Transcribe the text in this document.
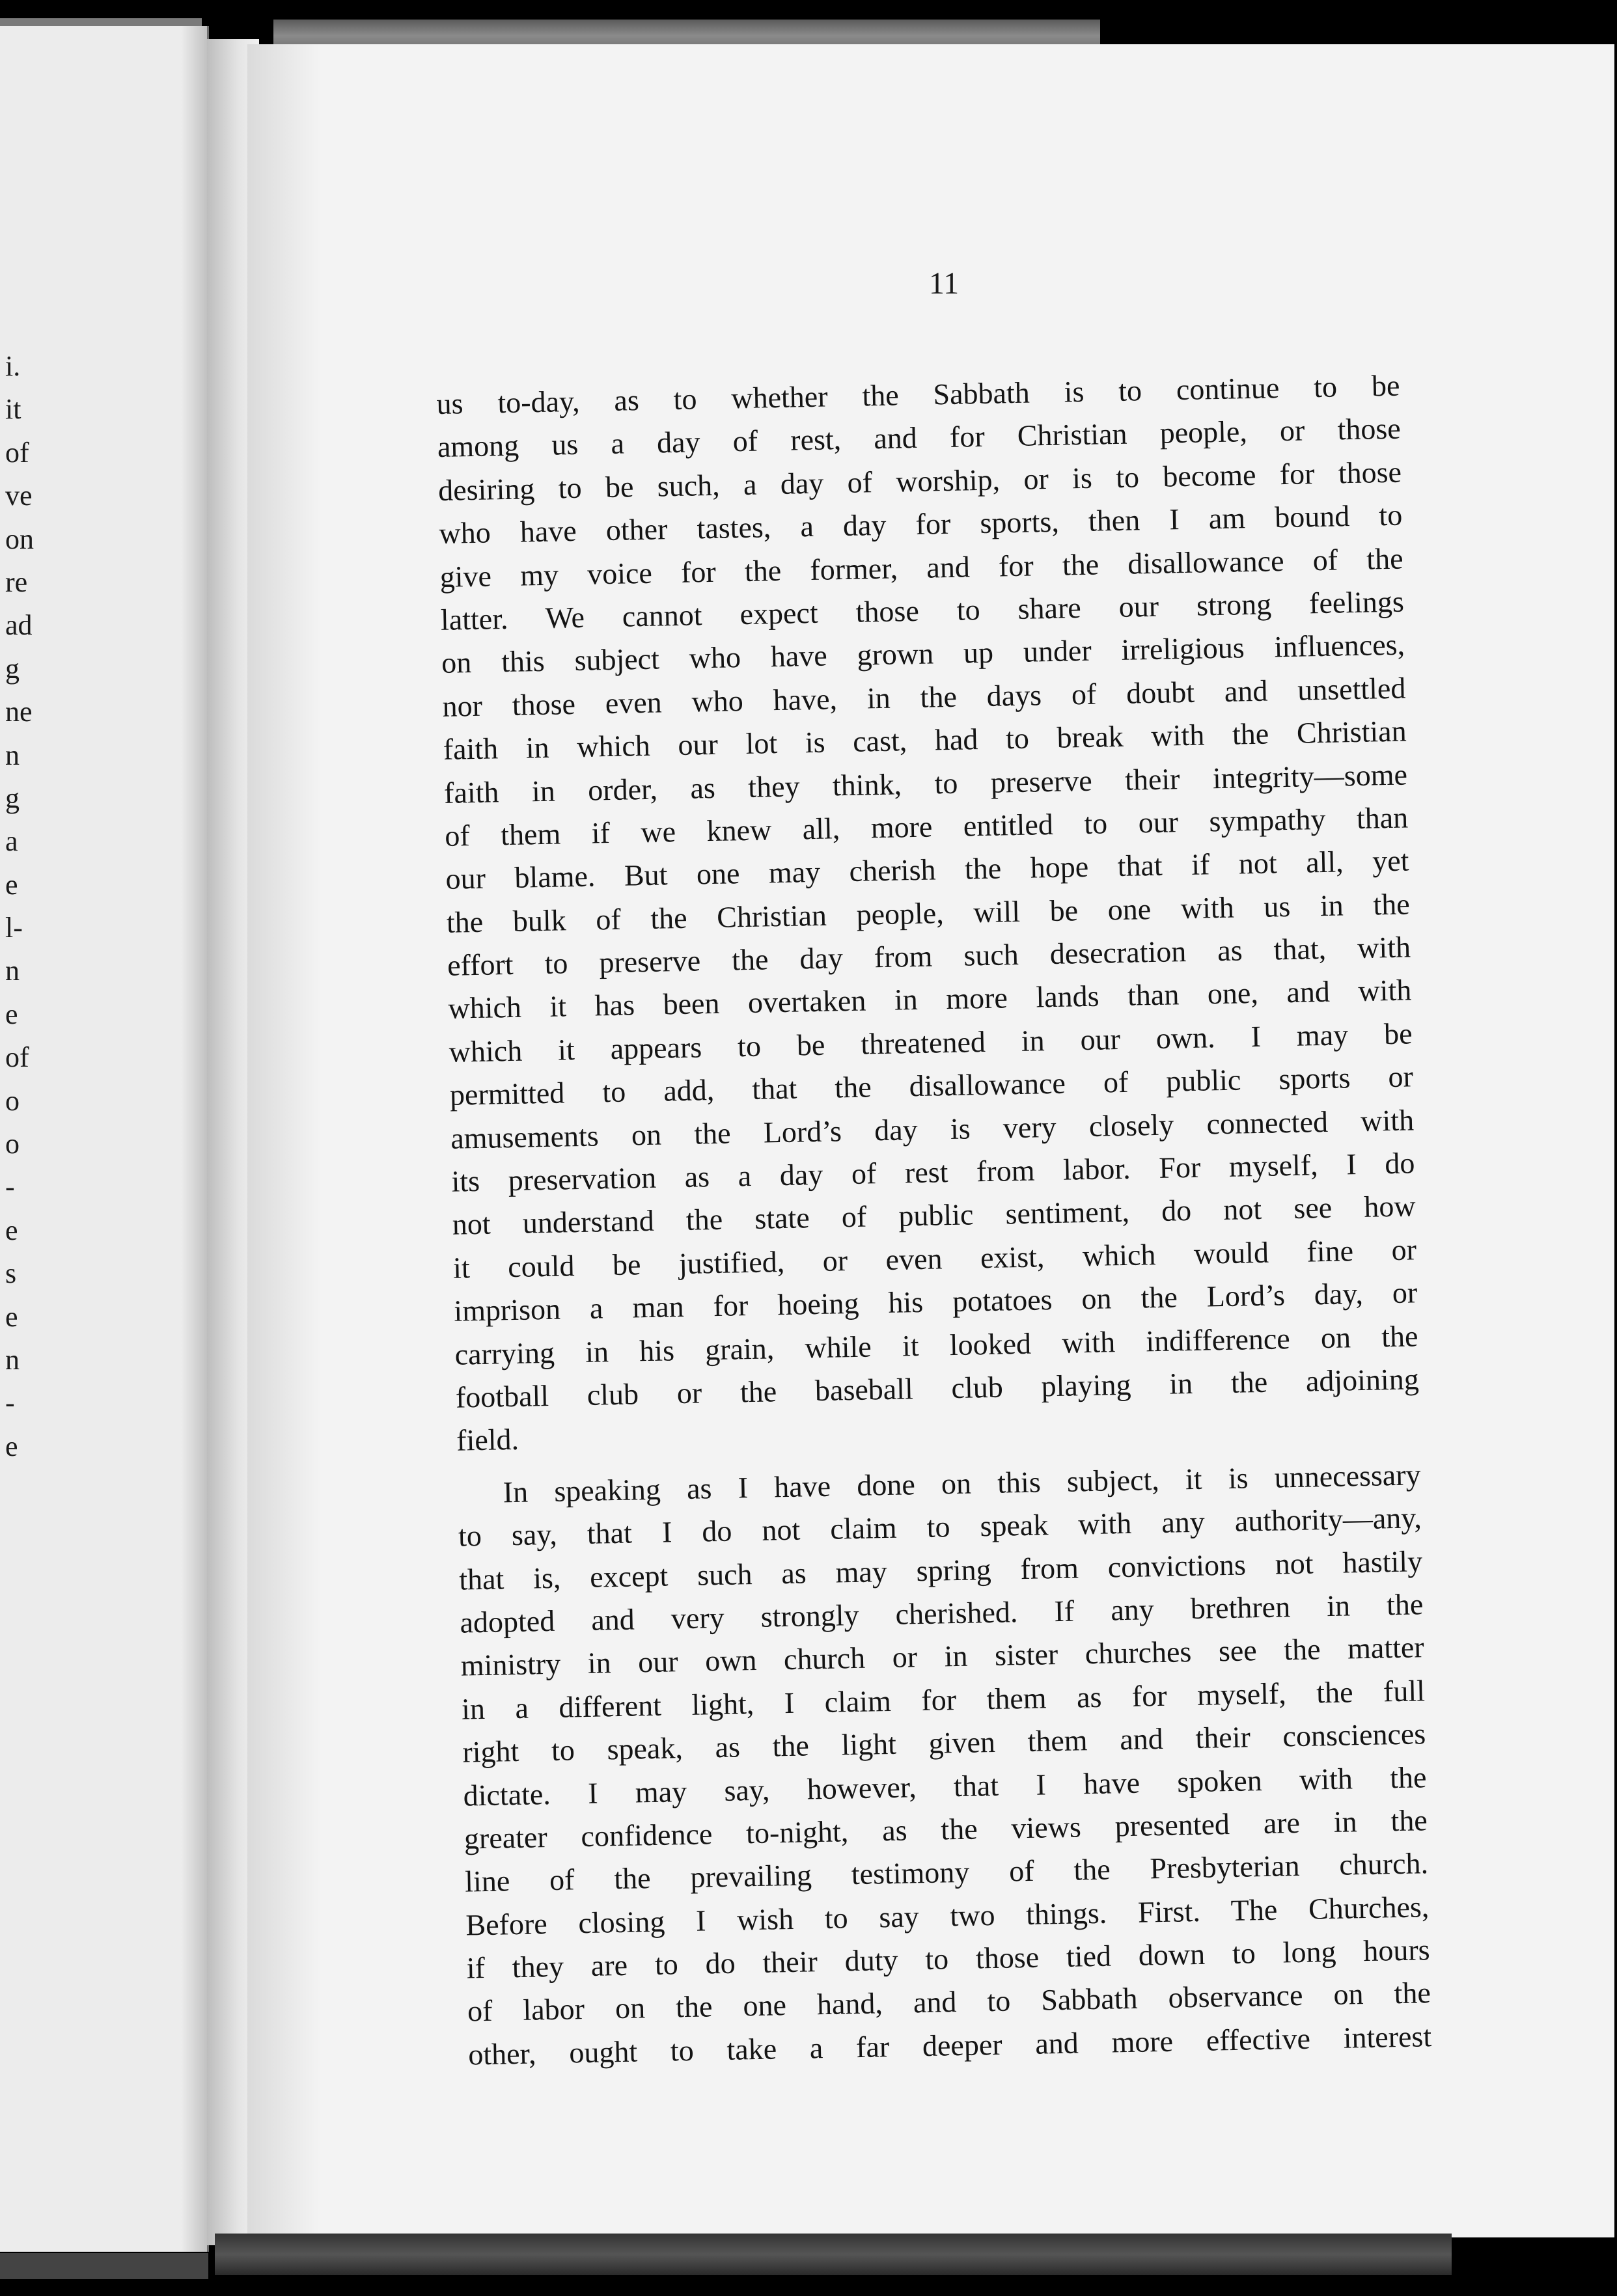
i.
it
of
ve
on
re
ad
g
ne
n
g
a
e
l-
n
e
of
o
o
-
e
s
e
n
-
e
11
us to-day, as to whether the Sabbath is to continue to be
among us a day of rest, and for Christian people, or those
desiring to be such, a day of worship, or is to become for those
who have other tastes, a day for sports, then I am bound to
give my voice for the former, and for the disallowance of the
latter. We cannot expect those to share our strong feelings
on this subject who have grown up under irreligious influences,
nor those even who have, in the days of doubt and unsettled
faith in which our lot is cast, had to break with the Christian
faith in order, as they think, to preserve their integrity—some
of them if we knew all, more entitled to our sympathy than
our blame. But one may cherish the hope that if not all, yet
the bulk of the Christian people, will be one with us in the
effort to preserve the day from such desecration as that, with
which it has been overtaken in more lands than one, and with
which it appears to be threatened in our own. I may be
permitted to add, that the disallowance of public sports or
amusements on the Lord’s day is very closely connected with
its preservation as a day of rest from labor. For myself, I do
not understand the state of public sentiment, do not see how
it could be justified, or even exist, which would fine or
imprison a man for hoeing his potatoes on the Lord’s day, or
carrying in his grain, while it looked with indifference on the
football club or the baseball club playing in the adjoining
field.
In speaking as I have done on this subject, it is unnecessary
to say, that I do not claim to speak with any authority—any,
that is, except such as may spring from convictions not hastily
adopted and very strongly cherished. If any brethren in the
ministry in our own church or in sister churches see the matter
in a different light, I claim for them as for myself, the full
right to speak, as the light given them and their consciences
dictate. I may say, however, that I have spoken with the
greater confidence to-night, as the views presented are in the
line of the prevailing testimony of the Presbyterian church.
Before closing I wish to say two things. First. The Churches,
if they are to do their duty to those tied down to long hours
of labor on the one hand, and to Sabbath observance on the
other, ought to take a far deeper and more effective interest
